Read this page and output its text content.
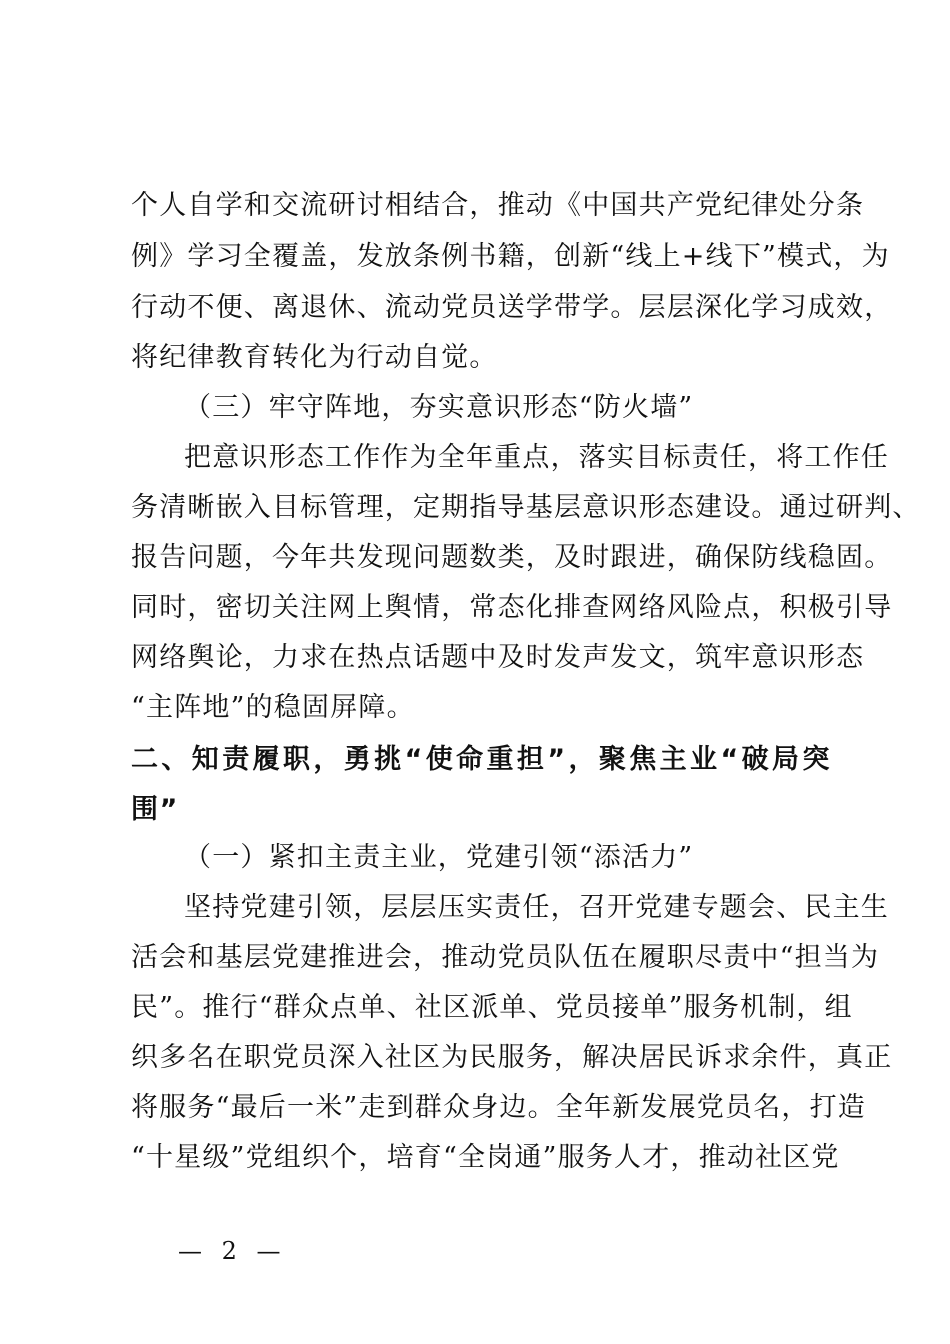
个人自学和交流研讨相结合，推动《中国共产党纪律处分条
例》学习全覆盖，发放条例书籍，创新“线上+线下”模式，为
行动不便、离退休、流动党员送学带学。层层深化学习成效，
将纪律教育转化为行动自觉。
（三）牢守阵地，夯实意识形态“防火墙”
把意识形态工作作为全年重点，落实目标责任，将工作任
务清晰嵌入目标管理，定期指导基层意识形态建设。通过研判、
报告问题，今年共发现问题数类，及时跟进，确保防线稳固。
同时，密切关注网上舆情，常态化排查网络风险点，积极引导
网络舆论，力求在热点话题中及时发声发文，筑牢意识形态
“主阵地”的稳固屏障。
二、知责履职，勇挑“使命重担”，聚焦主业“破局突
围”
（一）紧扣主责主业，党建引领“添活力”
坚持党建引领，层层压实责任，召开党建专题会、民主生
活会和基层党建推进会，推动党员队伍在履职尽责中“担当为
民”。推行“群众点单、社区派单、党员接单”服务机制，组
织多名在职党员深入社区为民服务，解决居民诉求余件，真正
将服务“最后一米”走到群众身边。全年新发展党员名，打造
“十星级”党组织个，培育“全岗通”服务人才，推动社区党
— 2 —
